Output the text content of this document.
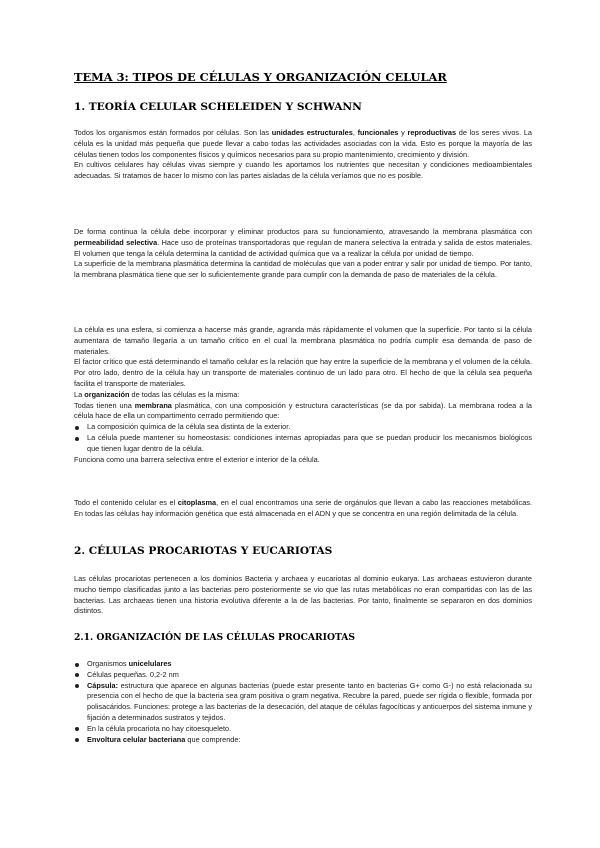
TEMA 3: TIPOS DE CÉLULAS Y ORGANIZACIÓN CELULAR
1. TEORÍA CELULAR SCHELEIDEN Y SCHWANN

Todos los organismos están formados por células. Son las unidades estructurales, funcionales y reproductivas de los seres vivos. La célula es la unidad más pequeña que puede llevar a cabo todas las actividades asociadas con la vida. Esto es porque la mayoría de las células tienen todos los componentes físicos y químicos necesarios para su propio mantenimiento, crecimiento y división.

En cultivos celulares hay células vivas siempre y cuando les aportamos los nutrientes que necesitan y condiciones medioambientales adecuadas. Si tratamos de hacer lo mismo con las partes aisladas de la célula veríamos que no es posible.

De forma continua la célula debe incorporar y eliminar productos para su funcionamiento, atravesando la membrana plasmática con permeabilidad selectiva. Hace uso de proteínas transportadoras que regulan de manera selectiva la entrada y salida de estos materiales. El volumen que tenga la célula determina la cantidad de actividad química que va a realizar la célula por unidad de tiempo.

La superficie de la membrana plasmática determina la cantidad de moléculas que van a poder entrar y salir por unidad de tiempo. Por tanto, la membrana plasmática tiene que ser lo suficientemente grande para cumplir con la demanda de paso de materiales de la célula.

La célula es una esfera, si comienza a hacerse más grande, agranda más rápidamente el volumen que la superficie. Por tanto si la célula aumentara de tamaño llegaría a un tamaño crítico en el cual la membrana plasmática no podría cumplir esa demanda de paso de materiales.

El factor crítico que está determinando el tamaño celular es la relación que hay entre la superficie de la membrana y el volumen de la célula. Por otro lado, dentro de la célula hay un transporte de materiales continuo de un lado para otro. El hecho de que la célula sea pequeña facilita el transporte de materiales.

La organización de todas las células es la misma:

Todas tienen una membrana plasmática, con una composición y estructura características (se da por sabida). La membrana rodea a la célula hace de ella un compartimento cerrado permitiendo que:

La composición química de la célula sea distinta de la exterior.
La célula puede mantener su homeostasis: condiciones internas apropiadas para que se puedan producir los mecanismos biológicos que tienen lugar dentro de la célula.

Funciona como una barrera selectiva entre el exterior e interior de la célula.

Todo el contenido celular es el citoplasma, en el cual encontramos una serie de orgánulos que llevan a cabo las reacciones metabólicas. En todas las células hay información genética que está almacenada en el ADN y que se concentra en una región delimitada de la célula.

2. CÉLULAS PROCARIOTAS Y EUCARIOTAS

Las células procariotas pertenecen a los dominios Bacteria y archaea y eucariotas al dominio eukarya. Las archaeas estuvieron durante mucho tiempo clasificadas junto a las bacterias pero posteriormente se vio que las rutas metabólicas no eran compartidas con las de las bacterias. Las archaeas tienen una historia evolutiva diferente a la de las bacterias. Por tanto, finalmente se separaron en dos dominios distintos.

2.1. ORGANIZACIÓN DE LAS CÉLULAS PROCARIOTAS
Organismos unicelulares
Células pequeñas. 0,2-2 nm
Cápsula: estructura que aparece en algunas bacterias (puede estar presente tanto en bacterias G+ como G-) no está relacionada su presencia con el hecho de que la bacteria sea gram positiva o gram negativa. Recubre la pared, puede ser rígida o flexible, formada por polisacáridos. Funciones: protege a las bacterias de la desecación, del ataque de células fagocíticas y anticuerpos del sistema inmune y fijación a determinados sustratos y tejidos.
En la célula procariota no hay citoesqueleto.
Envoltura celular bacteriana que comprende:
